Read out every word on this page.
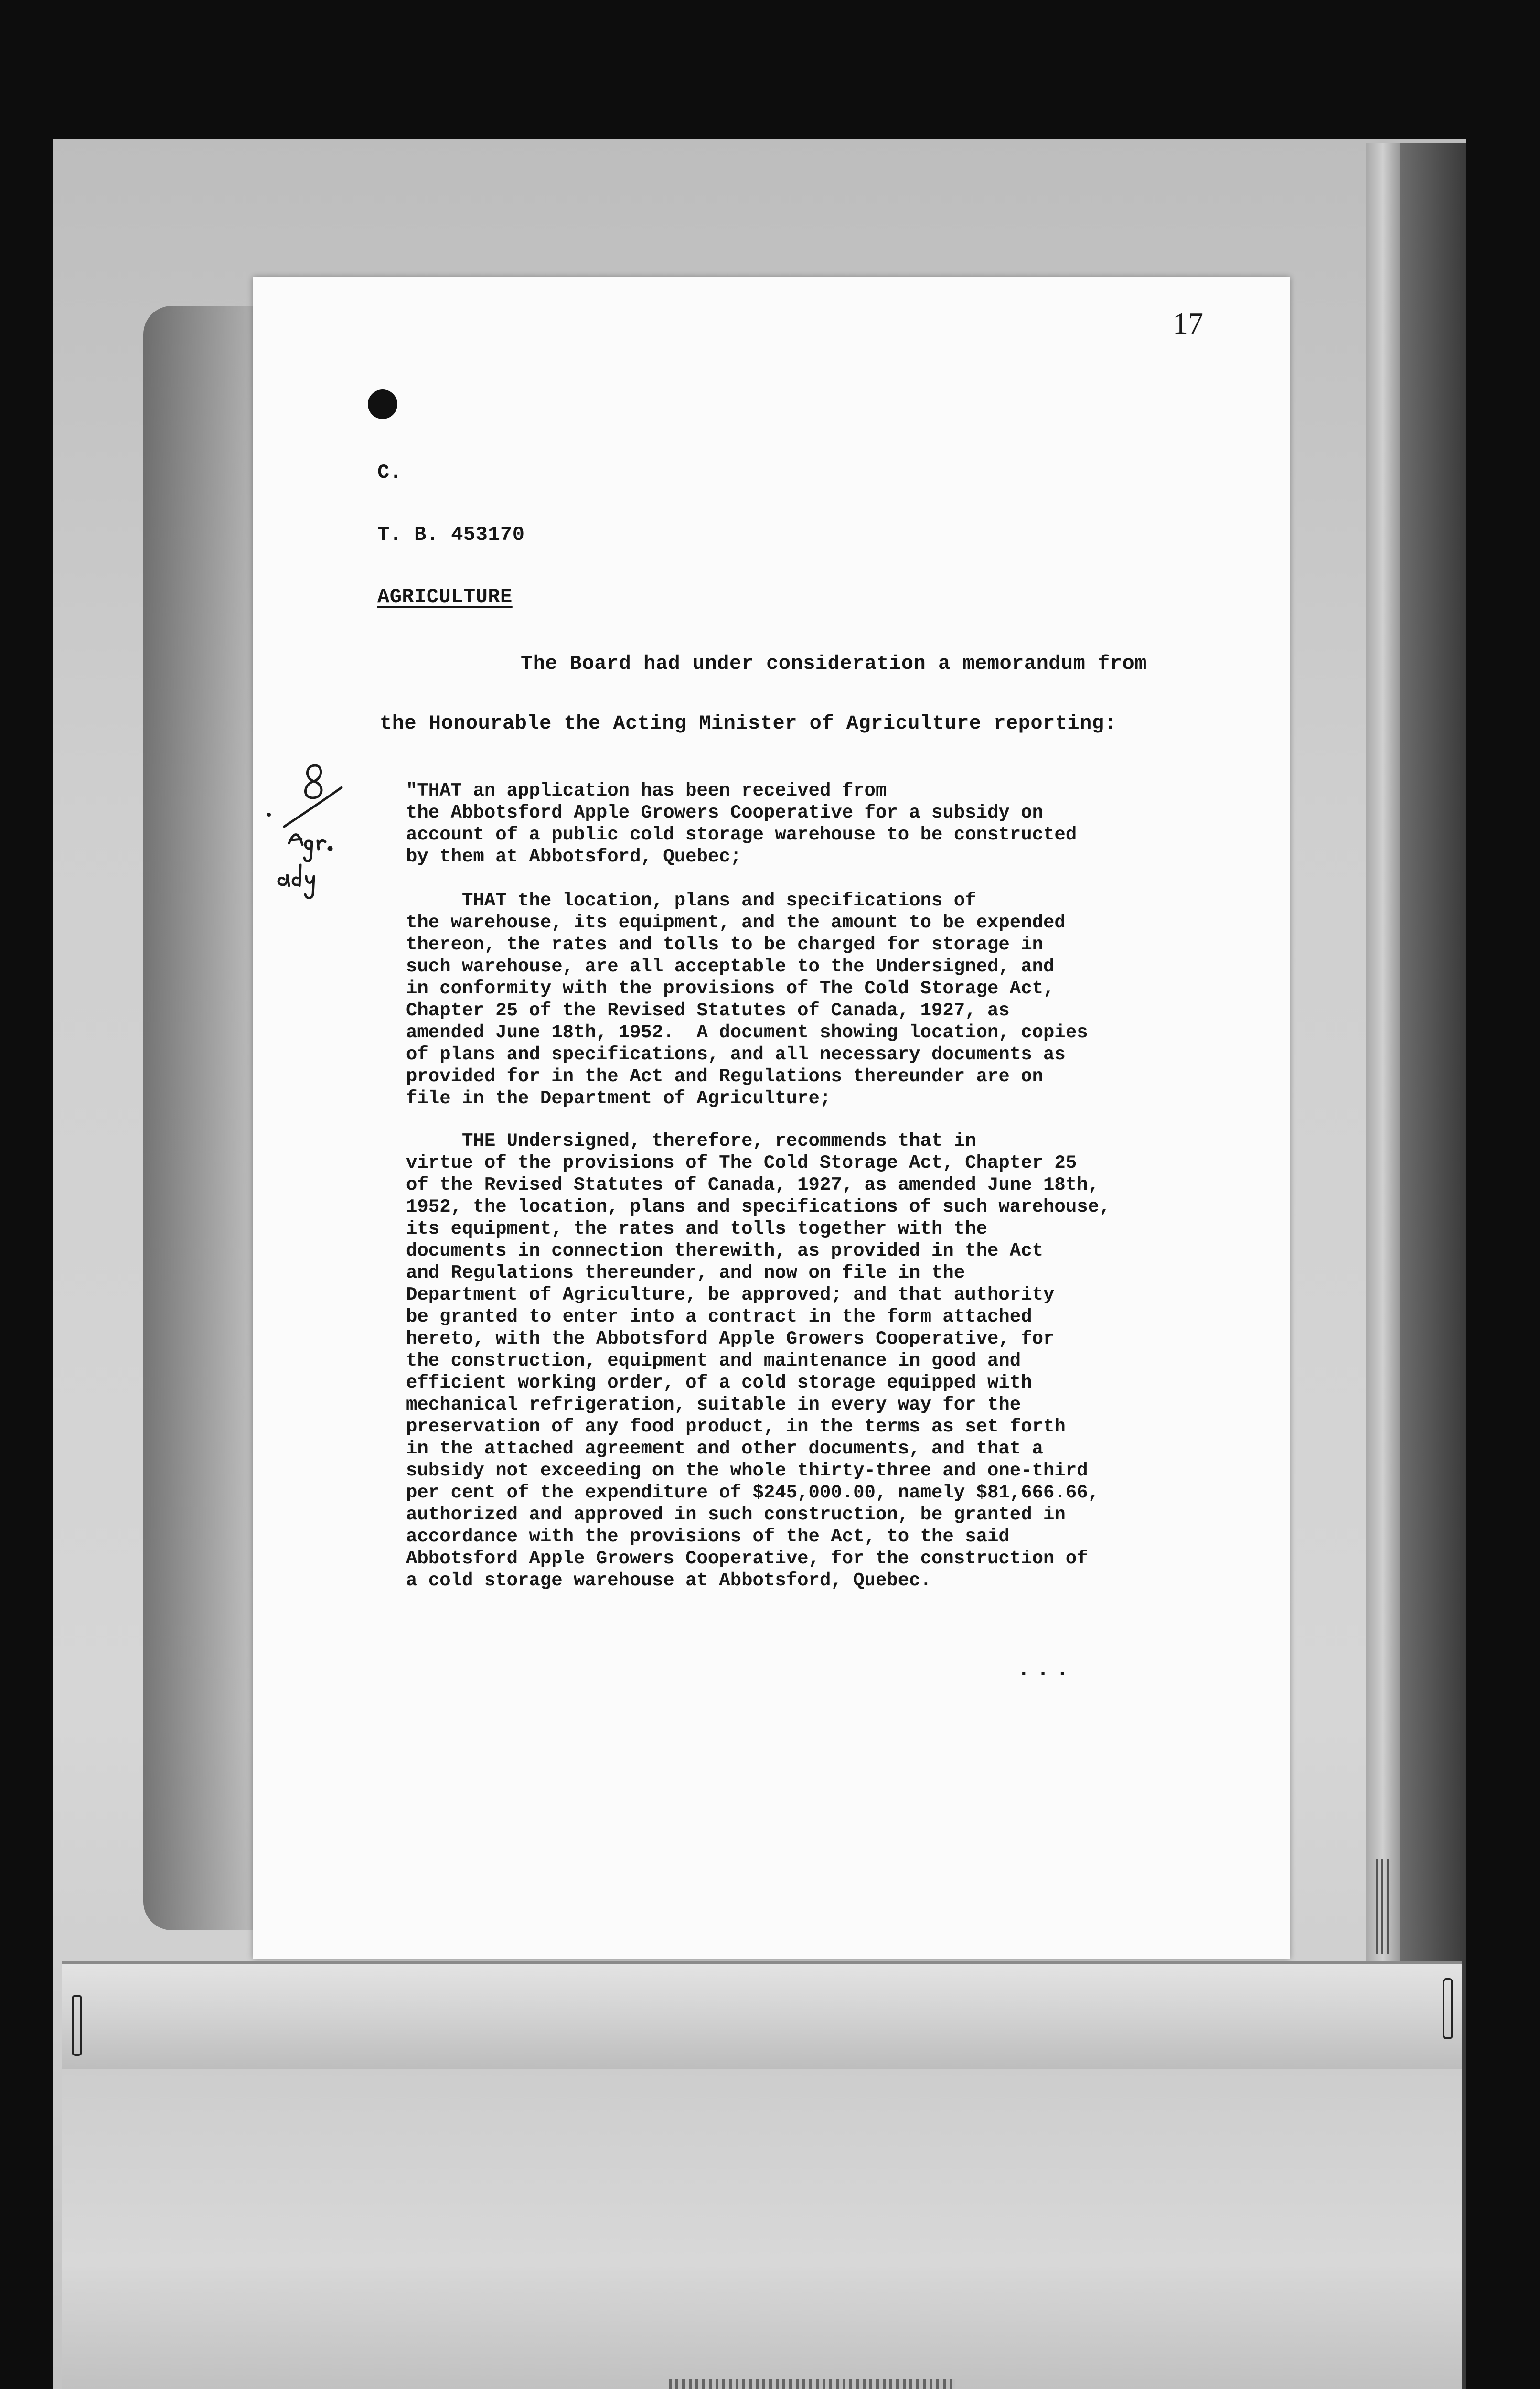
17
C.
T. B. 453170
AGRICULTURE
The Board had under consideration a memorandum from
the Honourable the Acting Minister of Agriculture reporting:
"THAT an application has been received from
the Abbotsford Apple Growers Cooperative for a subsidy on
account of a public cold storage warehouse to be constructed
by them at Abbotsford, Quebec;
THAT the location, plans and specifications of
the warehouse, its equipment, and the amount to be expended
thereon, the rates and tolls to be charged for storage in
such warehouse, are all acceptable to the Undersigned, and
in conformity with the provisions of The Cold Storage Act,
Chapter 25 of the Revised Statutes of Canada, 1927, as
amended June 18th, 1952.  A document showing location, copies
of plans and specifications, and all necessary documents as
provided for in the Act and Regulations thereunder are on
file in the Department of Agriculture;
THE Undersigned, therefore, recommends that in
virtue of the provisions of The Cold Storage Act, Chapter 25
of the Revised Statutes of Canada, 1927, as amended June 18th,
1952, the location, plans and specifications of such warehouse,
its equipment, the rates and tolls together with the
documents in connection therewith, as provided in the Act
and Regulations thereunder, and now on file in the
Department of Agriculture, be approved; and that authority
be granted to enter into a contract in the form attached
hereto, with the Abbotsford Apple Growers Cooperative, for
the construction, equipment and maintenance in good and
efficient working order, of a cold storage equipped with
mechanical refrigeration, suitable in every way for the
preservation of any food product, in the terms as set forth
in the attached agreement and other documents, and that a
subsidy not exceeding on the whole thirty-three and one-third
per cent of the expenditure of $245,000.00, namely $81,666.66,
authorized and approved in such construction, be granted in
accordance with the provisions of the Act, to the said
Abbotsford Apple Growers Cooperative, for the construction of
a cold storage warehouse at Abbotsford, Quebec.
...
